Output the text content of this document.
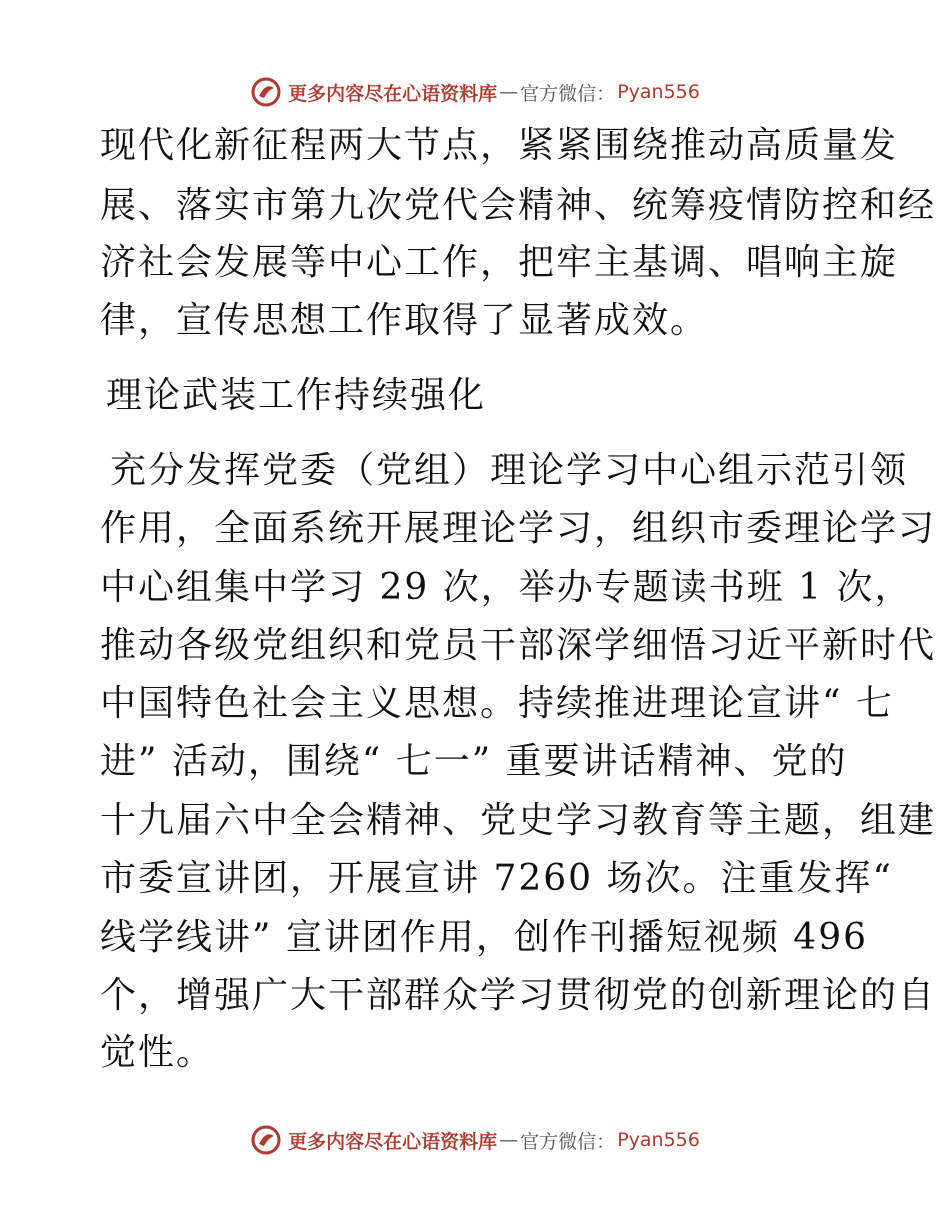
更多内容尽在心语资料库 — 官方微信： Pyan556
现代化新征程两大节点，紧紧围绕推动高质量发
展、落实市第九次党代会精神、统筹疫情防控和经
济社会发展等中心工作，把牢主基调、唱响主旋
律，宣传思想工作取得了显著成效。
理论武装工作持续强化
充分发挥党委（党组）理论学习中心组示范引领
作用，全面系统开展理论学习，组织市委理论学习
中心组集中学习 29 次，举办专题读书班 1 次，
推动各级党组织和党员干部深学细悟习近平新时代
中国特色社会主义思想。持续推进理论宣讲“ 七
进” 活动，围绕“ 七一” 重要讲话精神、党的
十九届六中全会精神、党史学习教育等主题，组建
市委宣讲团，开展宣讲 7260 场次。注重发挥“
线学线讲” 宣讲团作用，创作刊播短视频 496
个，增强广大干部群众学习贯彻党的创新理论的自
觉性。
更多内容尽在心语资料库 — 官方微信： Pyan556
